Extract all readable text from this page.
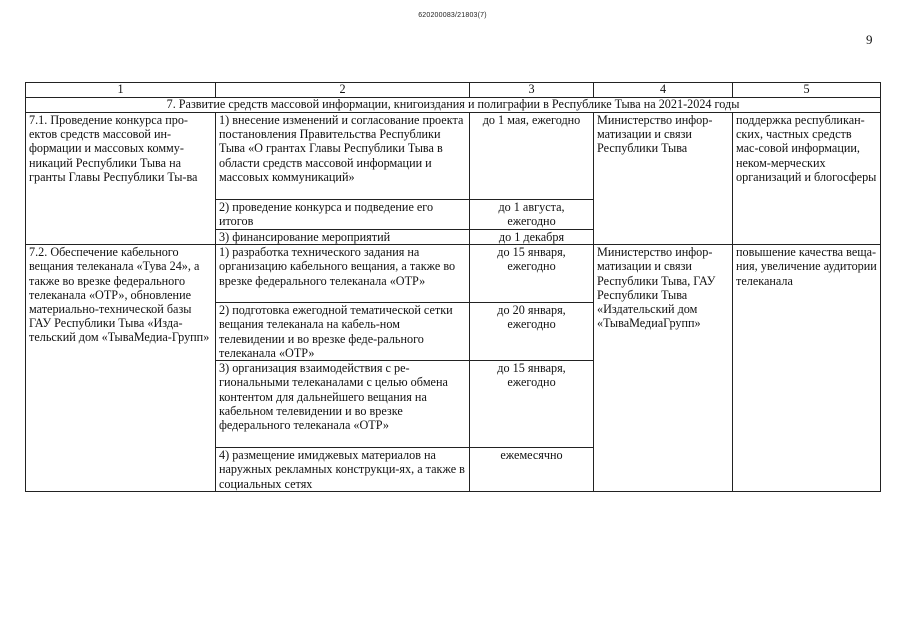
620200083/21803(7)
9
1	2	3	4	5
7. Развитие средств массовой информации, книгоиздания и полиграфии в Республике Тыва на 2021-2024 годы				
7.1. Проведение конкурса про-ектов средств массовой ин-формации и массовых комму-никаций Республики Тыва на гранты Главы Республики Ты-ва	1) внесение изменений и согласование проекта постановления Правительства Республики Тыва «О грантах Главы Республики Тыва в области средств массовой информации и массовых коммуникаций»	до 1 мая, ежегодно	Министерство инфор-матизации и связи Республики Тыва	поддержка республикан-ских, частных средств мас-совой информации, неком-мерческих организаций и блогосферы
	2) проведение конкурса и подведение его итогов	до 1 августа, ежегодно		
	3) финансирование мероприятий	до 1 декабря		
7.2. Обеспечение кабельного вещания телеканала «Тува 24», а также во врезке федерального телеканала «ОТР», обновление материально-технической базы ГАУ Республики Тыва «Изда-тельский дом «ТываМедиа-Групп»	1) разработка технического задания на организацию кабельного вещания, а также во врезке федерального телеканала «ОТР»	до 15 января, ежегодно	Министерство инфор-матизации и связи Республики Тыва, ГАУ Республики Тыва «Издательский дом «ТываМедиаГрупп»	повышение качества веща-ния, увеличение аудитории телеканала
	2) подготовка ежегодной тематической сетки вещания телеканала на кабель-ном телевидении и во врезке феде-рального телеканала «ОТР»	до 20 января, ежегодно		
	3) организация взаимодействия с ре-гиональными телеканалами с целью обмена контентом для дальнейшего вещания на кабельном телевидении и во врезке федерального телеканала «ОТР»	до 15 января, ежегодно		
	4) размещение имиджевых материалов на наружных рекламных конструкци-ях, а также в социальных сетях	ежемесячно		
